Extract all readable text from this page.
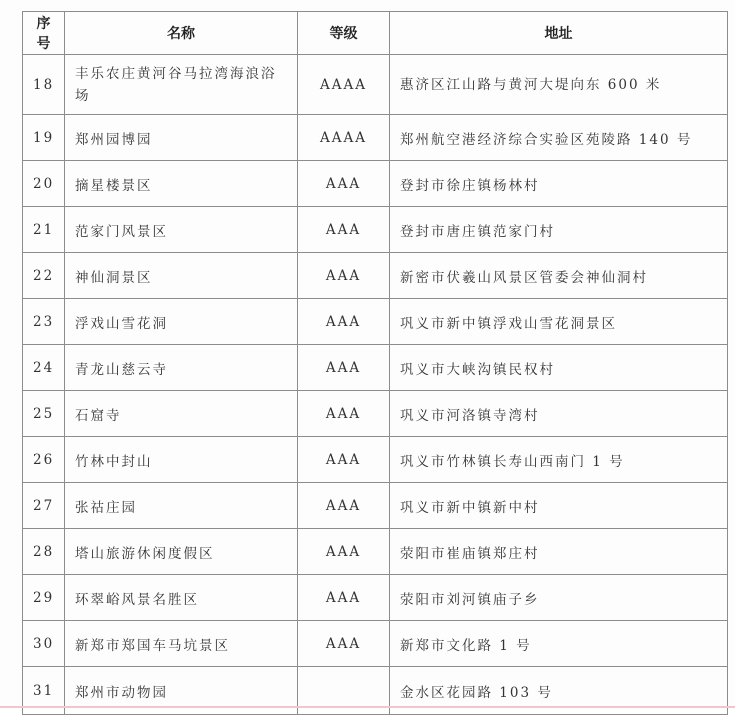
序号	名称	等级	地址
18	丰乐农庄黄河谷马拉湾海浪浴场	AAAA	惠济区江山路与黄河大堤向东 600 米
19	郑州园博园	AAAA	郑州航空港经济综合实验区苑陵路 140 号
20	摘星楼景区	AAA	登封市徐庄镇杨林村
21	范家门风景区	AAA	登封市唐庄镇范家门村
22	神仙洞景区	AAA	新密市伏羲山风景区管委会神仙洞村
23	浮戏山雪花洞	AAA	巩义市新中镇浮戏山雪花洞景区
24	青龙山慈云寺	AAA	巩义市大峡沟镇民权村
25	石窟寺	AAA	巩义市河洛镇寺湾村
26	竹林中封山	AAA	巩义市竹林镇长寿山西南门 1 号
27	张祜庄园	AAA	巩义市新中镇新中村
28	塔山旅游休闲度假区	AAA	荥阳市崔庙镇郑庄村
29	环翠峪风景名胜区	AAA	荥阳市刘河镇庙子乡
30	新郑市郑国车马坑景区	AAA	新郑市文化路 1 号
31	郑州市动物园		金水区花园路 103 号
